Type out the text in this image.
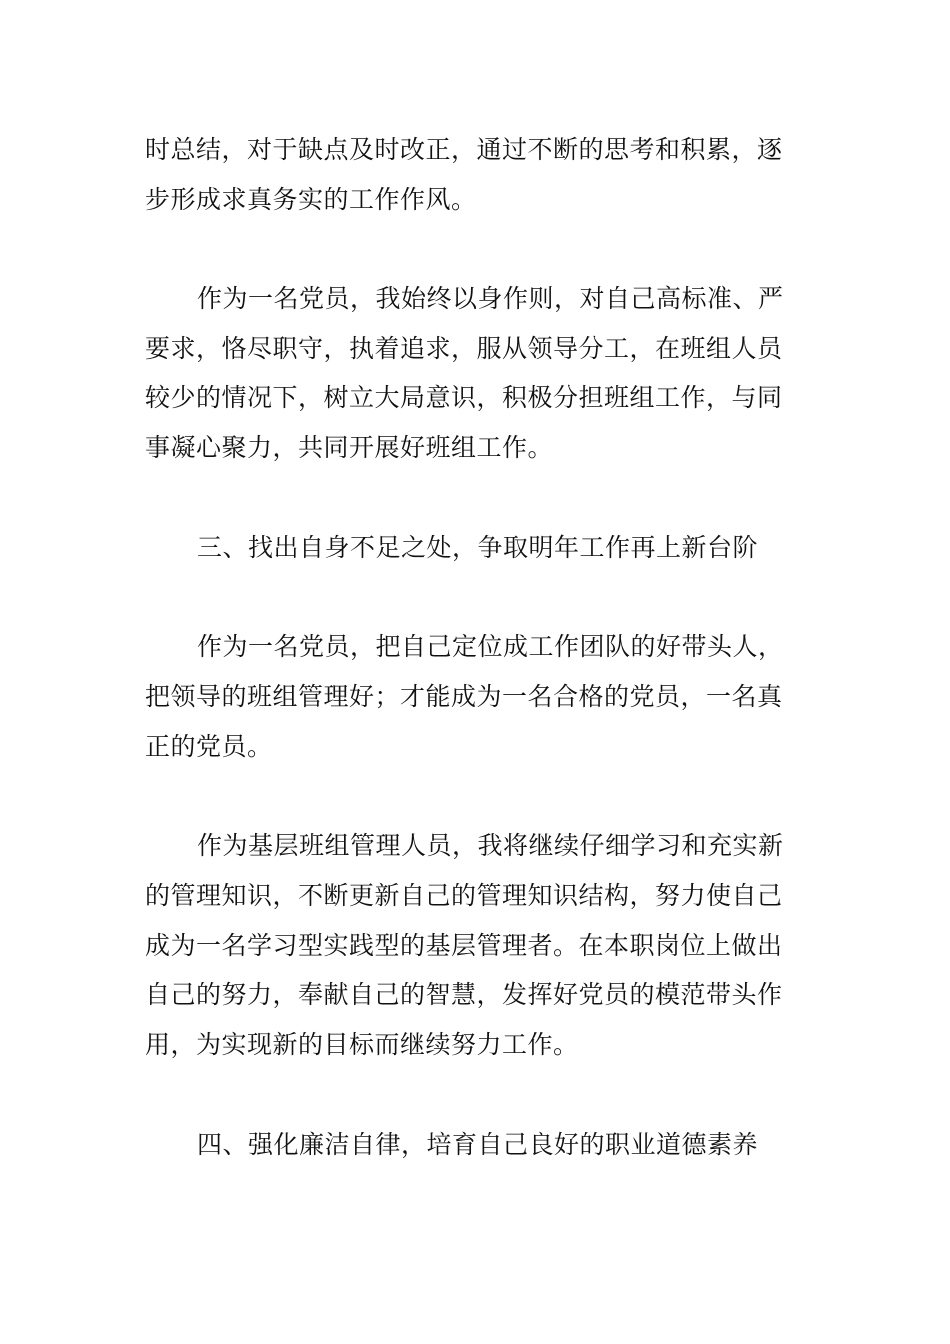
时总结，对于缺点及时改正，通过不断的思考和积累，逐
步形成求真务实的工作作风。
作为一名党员，我始终以身作则，对自己高标准、严
要求，恪尽职守，执着追求，服从领导分工，在班组人员
较少的情况下，树立大局意识，积极分担班组工作，与同
事凝心聚力，共同开展好班组工作。
三、找出自身不足之处，争取明年工作再上新台阶
作为一名党员，把自己定位成工作团队的好带头人，
把领导的班组管理好；才能成为一名合格的党员，一名真
正的党员。
作为基层班组管理人员，我将继续仔细学习和充实新
的管理知识，不断更新自己的管理知识结构，努力使自己
成为一名学习型实践型的基层管理者。在本职岗位上做出
自己的努力，奉献自己的智慧，发挥好党员的模范带头作
用，为实现新的目标而继续努力工作。
四、强化廉洁自律，培育自己良好的职业道德素养
